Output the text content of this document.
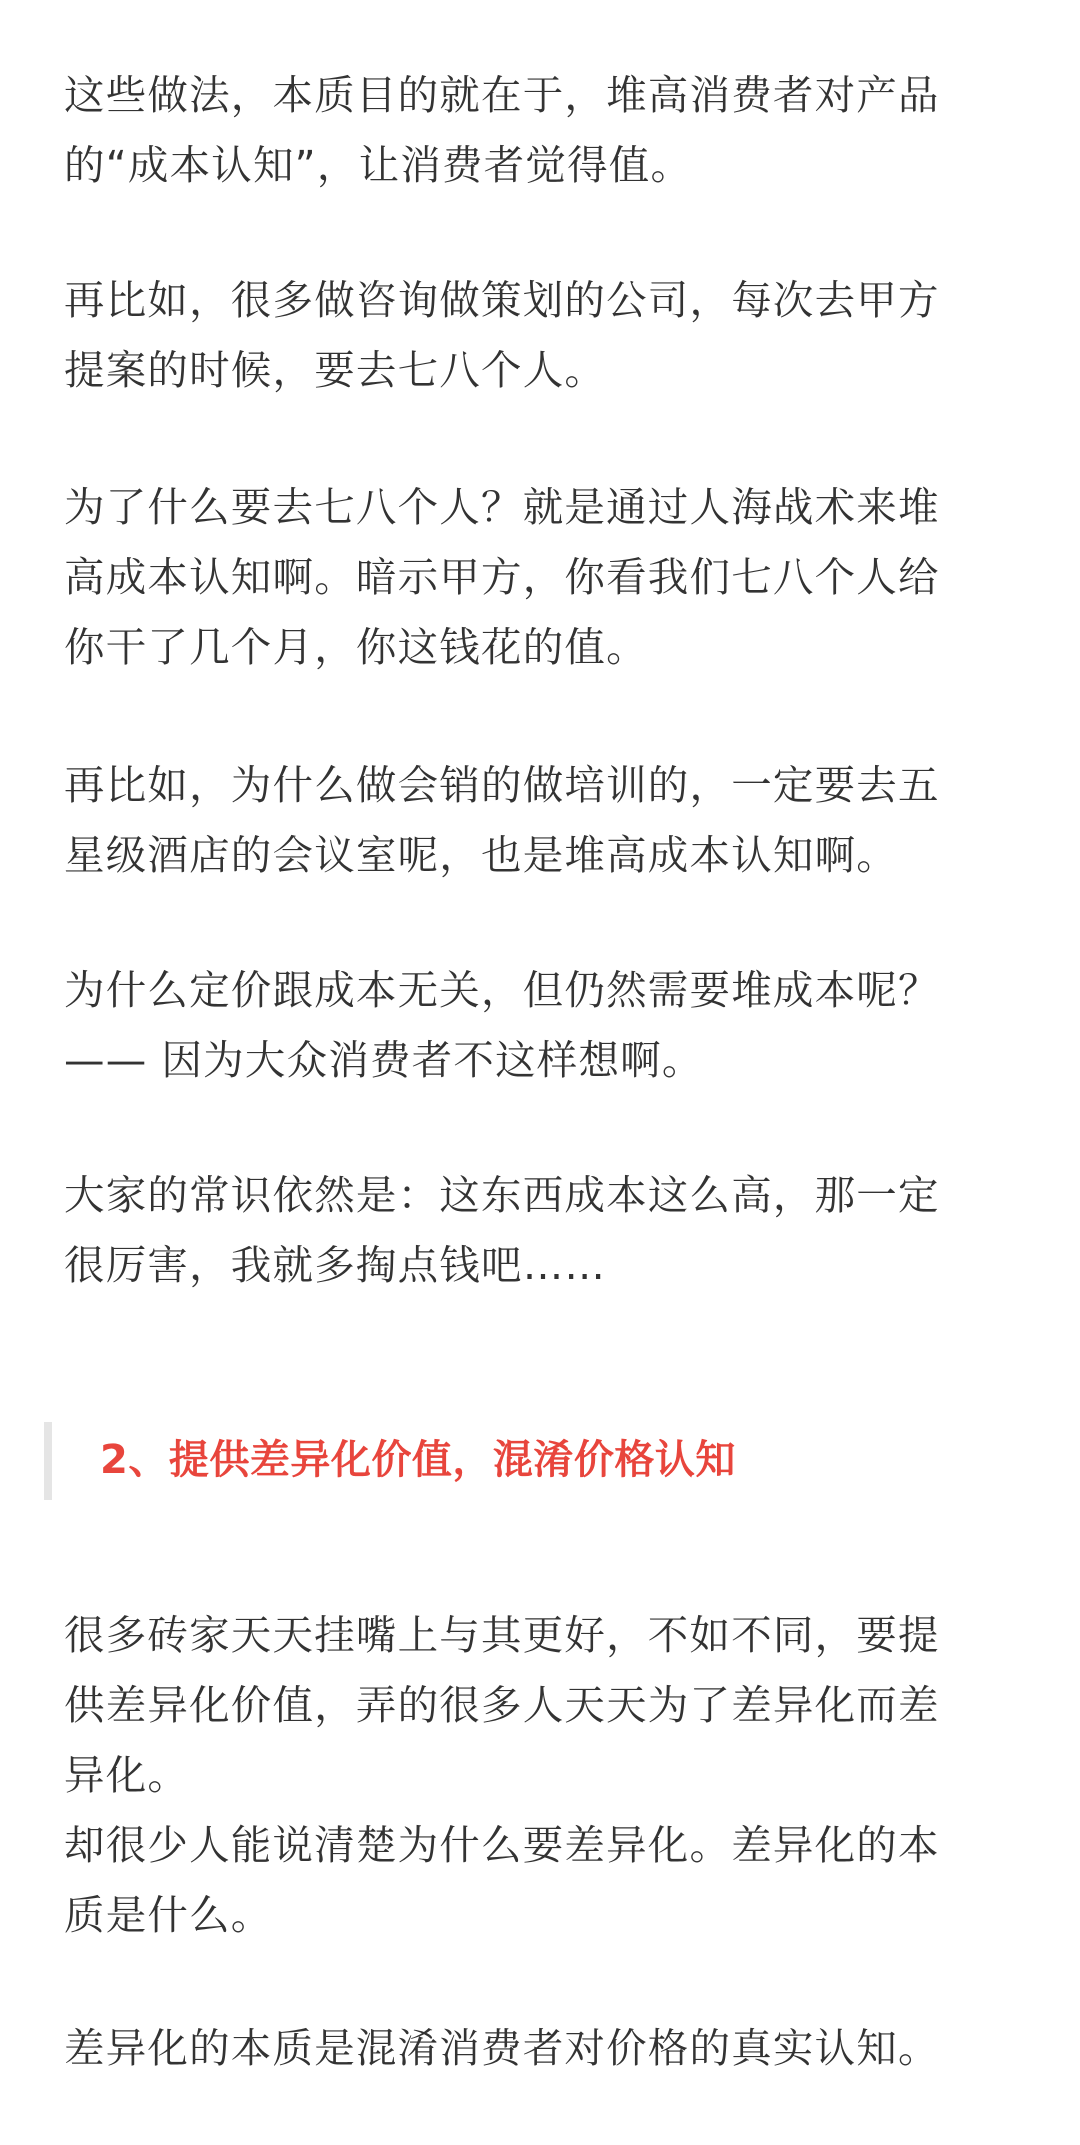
这些做法，本质目的就在于，堆高消费者对产品
的“成本认知”，让消费者觉得值。
再比如，很多做咨询做策划的公司，每次去甲方
提案的时候，要去七八个人。
为了什么要去七八个人？就是通过人海战术来堆
高成本认知啊。暗示甲方，你看我们七八个人给
你干了几个月，你这钱花的值。
再比如，为什么做会销的做培训的，一定要去五
星级酒店的会议室呢，也是堆高成本认知啊。
为什么定价跟成本无关，但仍然需要堆成本呢？
—— 因为大众消费者不这样想啊。
大家的常识依然是：这东西成本这么高，那一定
很厉害，我就多掏点钱吧……
2、提供差异化价值，混淆价格认知
很多砖家天天挂嘴上与其更好，不如不同，要提
供差异化价值，弄的很多人天天为了差异化而差
异化。
却很少人能说清楚为什么要差异化。差异化的本
质是什么。
差异化的本质是混淆消费者对价格的真实认知。
